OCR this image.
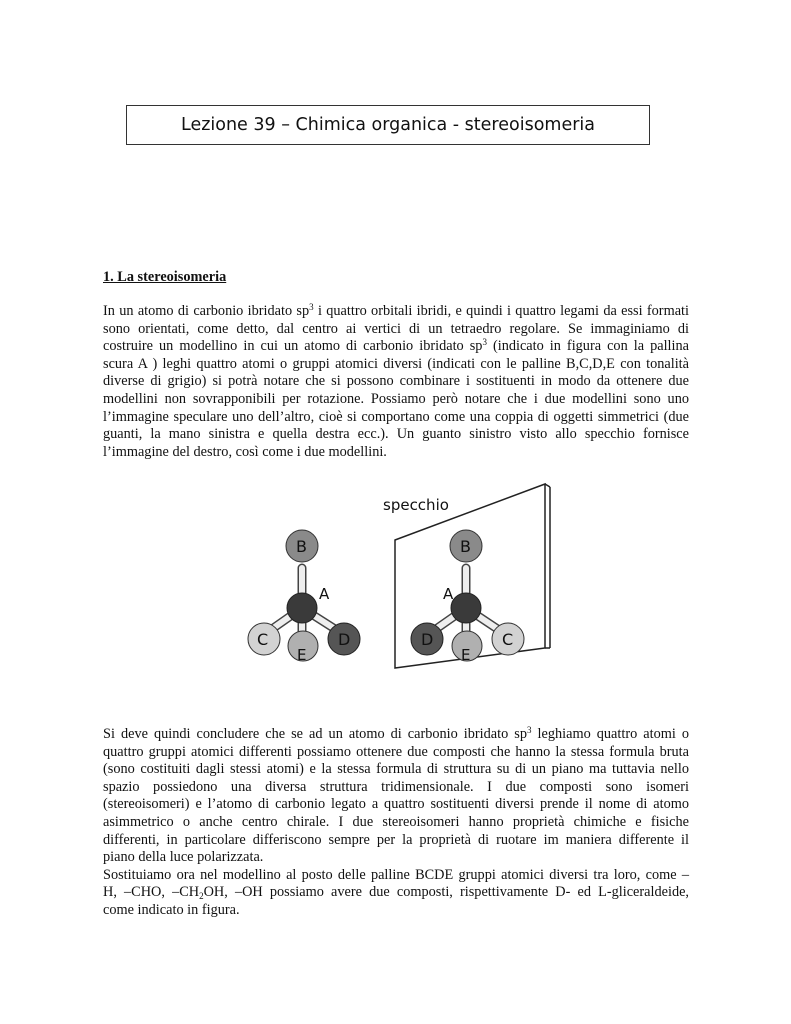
Lezione 39 – Chimica organica - stereoisomeria
1. La stereoisomeria
In un atomo di carbonio ibridato $sp^3$ i quattro orbitali ibridi, e quindi i quattro legami da essi formati
sono orientati, come detto, dal centro ai vertici di un tetraedro regolare. Se immaginiamo di
costruire un modellino in cui un atomo di carbonio ibridato $sp^3$ (indicato in figura con la pallina
scura A ) leghi quattro atomi o gruppi atomici diversi (indicati con le palline B,C,D,E con tonalità
diverse di grigio) si potrà notare che si possono combinare i sostituenti in modo da ottenere due
modellini non sovrapponibili per rotazione. Possiamo però notare che i due modellini sono uno
l’immagine speculare uno dell’altro, cioè si comportano come una coppia di oggetti simmetrici (due
guanti, la mano sinistra e quella destra ecc.). Un guanto sinistro visto allo specchio fornisce
l’immagine del destro, così come i due modellini.
specchio
B
C	D
E
A
B
D	C
E
A
Si deve quindi concludere che se ad un atomo di carbonio ibridato $sp^3$ leghiamo quattro atomi o
quattro gruppi atomici differenti possiamo ottenere due composti che hanno la stessa formula bruta
(sono costituiti dagli stessi atomi) e la stessa formula di struttura su di un piano ma tuttavia nello
spazio possiedono una diversa struttura tridimensionale. I due composti sono isomeri
(stereoisomeri) e l’atomo di carbonio legato a quattro sostituenti diversi prende il nome di atomo
asimmetrico o anche centro chirale. I due stereoisomeri hanno proprietà chimiche e fisiche
differenti, in particolare differiscono sempre per la proprietà di ruotare im maniera differente il
piano della luce polarizzata.
Sostituiamo ora nel modellino al posto delle palline BCDE gruppi atomici diversi tra loro, come –
H, –CHO, $-CH_2OH$, –OH possiamo avere due composti, rispettivamente D- ed L-gliceraldeide,
come indicato in figura.
